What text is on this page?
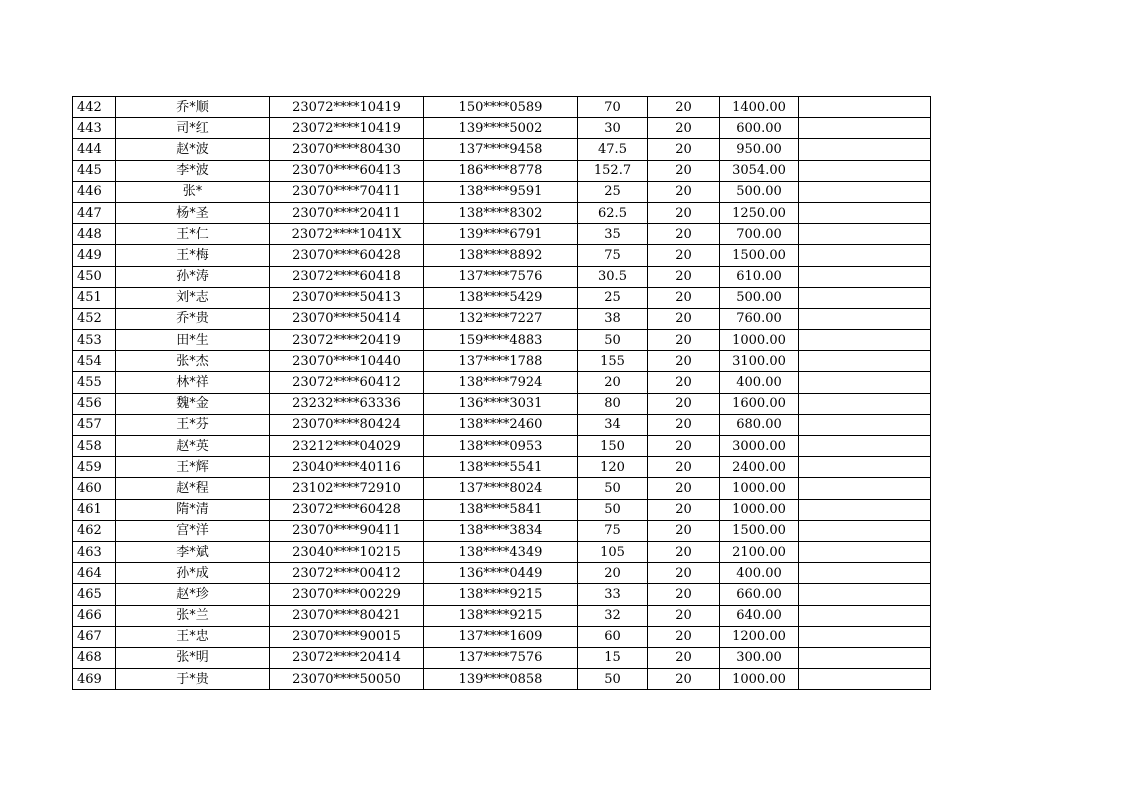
442	乔*顺	23072****10419	150****0589	70	20	1400.00	
443	司*红	23072****10419	139****5002	30	20	600.00	
444	赵*波	23070****80430	137****9458	47.5	20	950.00	
445	李*波	23070****60413	186****8778	152.7	20	3054.00	
446	张*	23070****70411	138****9591	25	20	500.00	
447	杨*圣	23070****20411	138****8302	62.5	20	1250.00	
448	王*仁	23072****1041X	139****6791	35	20	700.00	
449	王*梅	23070****60428	138****8892	75	20	1500.00	
450	孙*涛	23072****60418	137****7576	30.5	20	610.00	
451	刘*志	23070****50413	138****5429	25	20	500.00	
452	乔*贵	23070****50414	132****7227	38	20	760.00	
453	田*生	23072****20419	159****4883	50	20	1000.00	
454	张*杰	23070****10440	137****1788	155	20	3100.00	
455	林*祥	23072****60412	138****7924	20	20	400.00	
456	魏*金	23232****63336	136****3031	80	20	1600.00	
457	王*芬	23070****80424	138****2460	34	20	680.00	
458	赵*英	23212****04029	138****0953	150	20	3000.00	
459	王*辉	23040****40116	138****5541	120	20	2400.00	
460	赵*程	23102****72910	137****8024	50	20	1000.00	
461	隋*清	23072****60428	138****5841	50	20	1000.00	
462	宫*洋	23070****90411	138****3834	75	20	1500.00	
463	李*斌	23040****10215	138****4349	105	20	2100.00	
464	孙*成	23072****00412	136****0449	20	20	400.00	
465	赵*珍	23070****00229	138****9215	33	20	660.00	
466	张*兰	23070****80421	138****9215	32	20	640.00	
467	王*忠	23070****90015	137****1609	60	20	1200.00	
468	张*明	23072****20414	137****7576	15	20	300.00	
469	于*贵	23070****50050	139****0858	50	20	1000.00	
